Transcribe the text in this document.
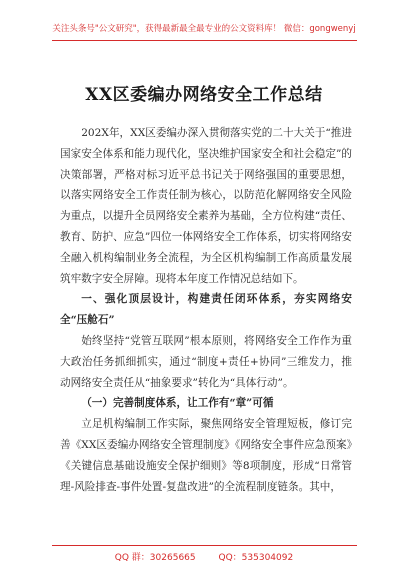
关注头条号"公文研究"，获得最新最全最专业的公文资料库！ 微信：gongwenyj
XX区委编办网络安全工作总结

202X年，XX区委编办深入贯彻落实党的二十大关于“推进国家安全体系和能力现代化，坚决维护国家安全和社会稳定”的决策部署，严格对标习近平总书记关于网络强国的重要思想，以落实网络安全工作责任制为核心，以防范化解网络安全风险为重点，以提升全员网络安全素养为基础，全方位构建“责任、教育、防护、应急”四位一体网络安全工作体系，切实将网络安全融入机构编制业务全流程，为全区机构编制工作高质量发展筑牢数字安全屏障。现将本年度工作情况总结如下。

一、强化顶层设计，构建责任闭环体系，夯实网络安全“压舱石”

始终坚持“党管互联网”根本原则，将网络安全工作作为重大政治任务抓细抓实，通过“制度+责任+协同”三维发力，推动网络安全责任从“抽象要求”转化为“具体行动”。

（一）完善制度体系，让工作有“章”可循

立足机构编制工作实际，聚焦网络安全管理短板，修订完善《XX区委编办网络安全管理制度》《网络安全事件应急预案》《关键信息基础设施安全保护细则》等8项制度，形成“日常管理-风险排查-事件处置-复盘改进”的全流程制度链条。其中，

QQ 群：30265665	QQ：535304092
